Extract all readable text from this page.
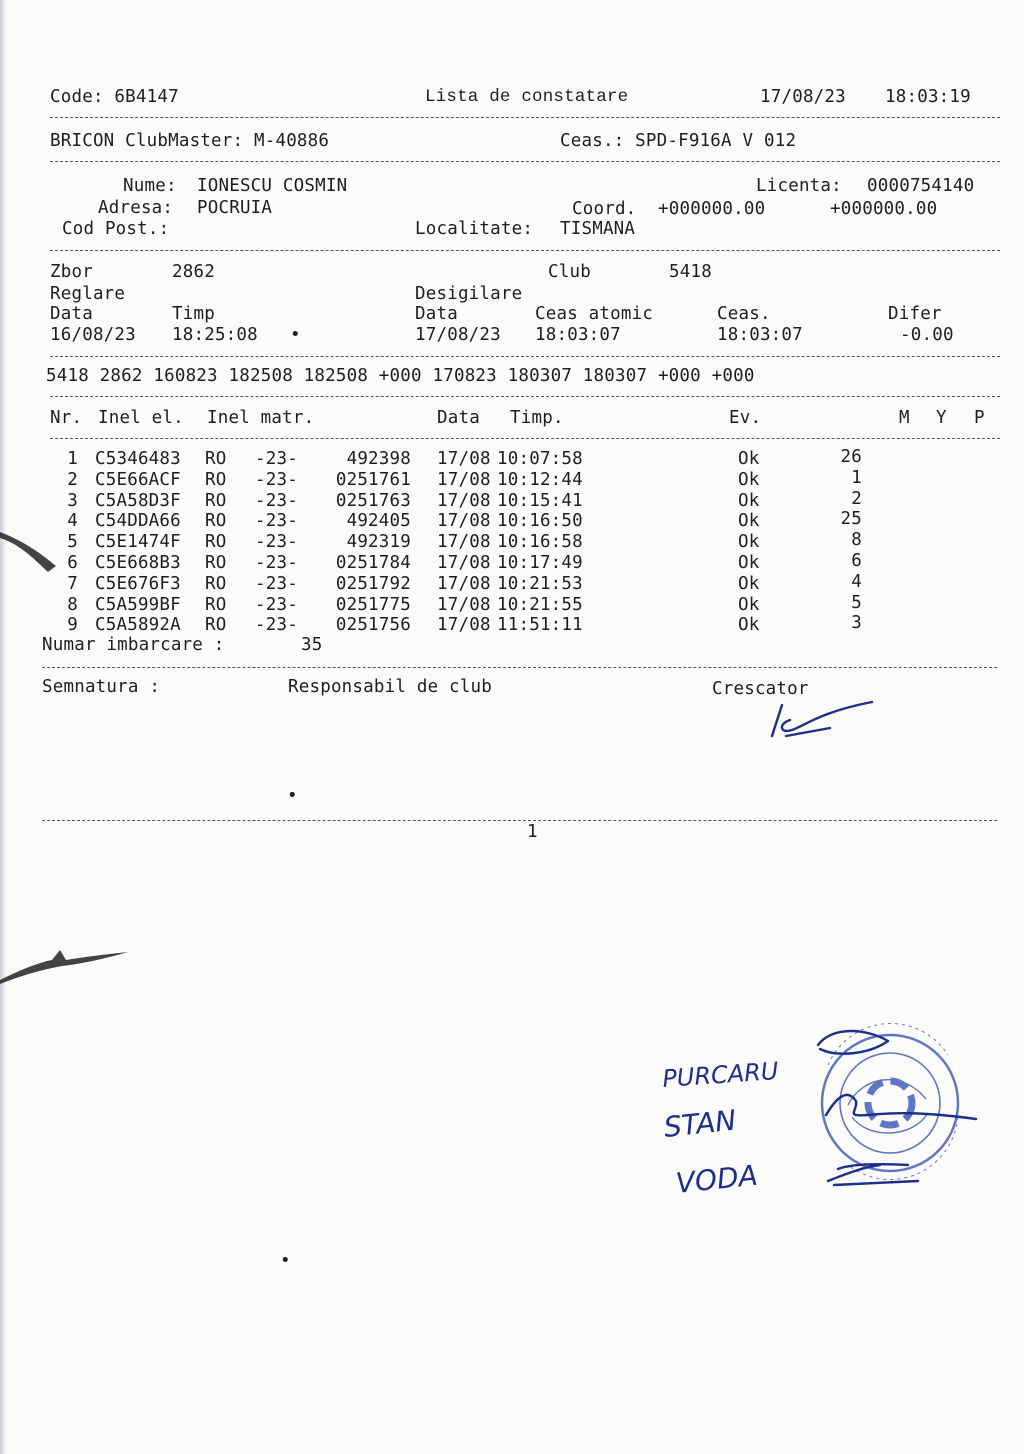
Code: 6B4147	Lista de constatare	17/08/23 18:03:19
BRICON ClubMaster: M-40886	Ceas.: SPD-F916A V 012
Nume: IONESCU COSMIN	Licenta: 0000754140
Adresa: POCRUIA	Coord. +000000.00	+000000.00
Cod Post.:	Localitate: TISMANA
Zbor	2862	Club	5418
Reglare	Desigilare
Data	Timp	Data	Ceas atomic	Ceas.	Difer
16/08/23 18:25:08 •	17/08/23 18:03:07	18:03:07	-0.00
5418 2862 160823 182508 182508 +000 170823 180307 180307 +000 +000
Nr. Inel el. Inel matr.	Data Timp.	Ev.	M Y P
1 C5346483 RO -23-	492398 17/08 10:07:58	Ok	26
2 C5E66ACF RO -23-	0251761 17/08 10:12:44	Ok	1
3 C5A58D3F RO -23-	0251763 17/08 10:15:41	Ok	2
4 C54DDA66 RO -23-	492405 17/08 10:16:50	Ok	25
5 C5E1474F RO -23-	492319 17/08 10:16:58	Ok	8
6 C5E668B3 RO -23-	0251784 17/08 10:17:49	Ok	6
7 C5E676F3 RO -23-	0251792 17/08 10:21:53	Ok	4
8 C5A599BF RO -23-	0251775 17/08 10:21:55	Ok	5
9 C5A5892A RO -23-	0251756 17/08 11:51:11	Ok	3
Numar imbarcare :	35
Semnatura :	Responsabil de club	Crescator
•
1
•
PURCARU
STAN
VODA
